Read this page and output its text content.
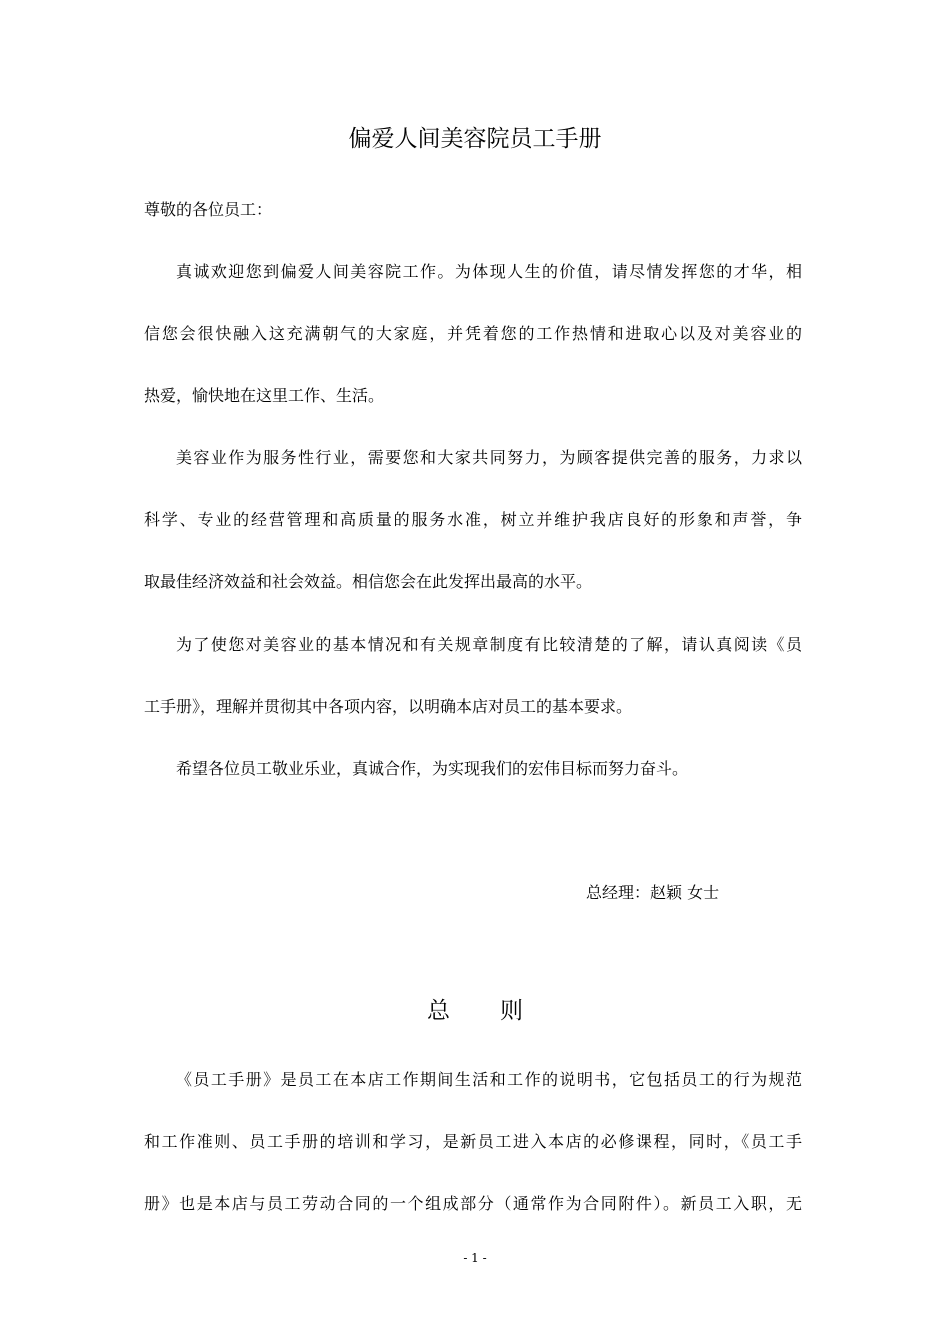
偏爱人间美容院员工手册
尊敬的各位员工：
真诚欢迎您到偏爱人间美容院工作。为体现人生的价值，请尽情发挥您的才华，相
信您会很快融入这充满朝气的大家庭，并凭着您的工作热情和进取心以及对美容业的
热爱，愉快地在这里工作、生活。
美容业作为服务性行业，需要您和大家共同努力，为顾客提供完善的服务，力求以
科学、专业的经营管理和高质量的服务水准，树立并维护我店良好的形象和声誉，争
取最佳经济效益和社会效益。相信您会在此发挥出最高的水平。
为了使您对美容业的基本情况和有关规章制度有比较清楚的了解，请认真阅读《员
工手册》，理解并贯彻其中各项内容，以明确本店对员工的基本要求。
希望各位员工敬业乐业，真诚合作，为实现我们的宏伟目标而努力奋斗。
总经理：赵颖 女士
总 则
《员工手册》是员工在本店工作期间生活和工作的说明书，它包括员工的行为规范
和工作准则、员工手册的培训和学习，是新员工进入本店的必修课程，同时，《员工手
册》也是本店与员工劳动合同的一个组成部分（通常作为合同附件）。新员工入职，无
- 1 -
